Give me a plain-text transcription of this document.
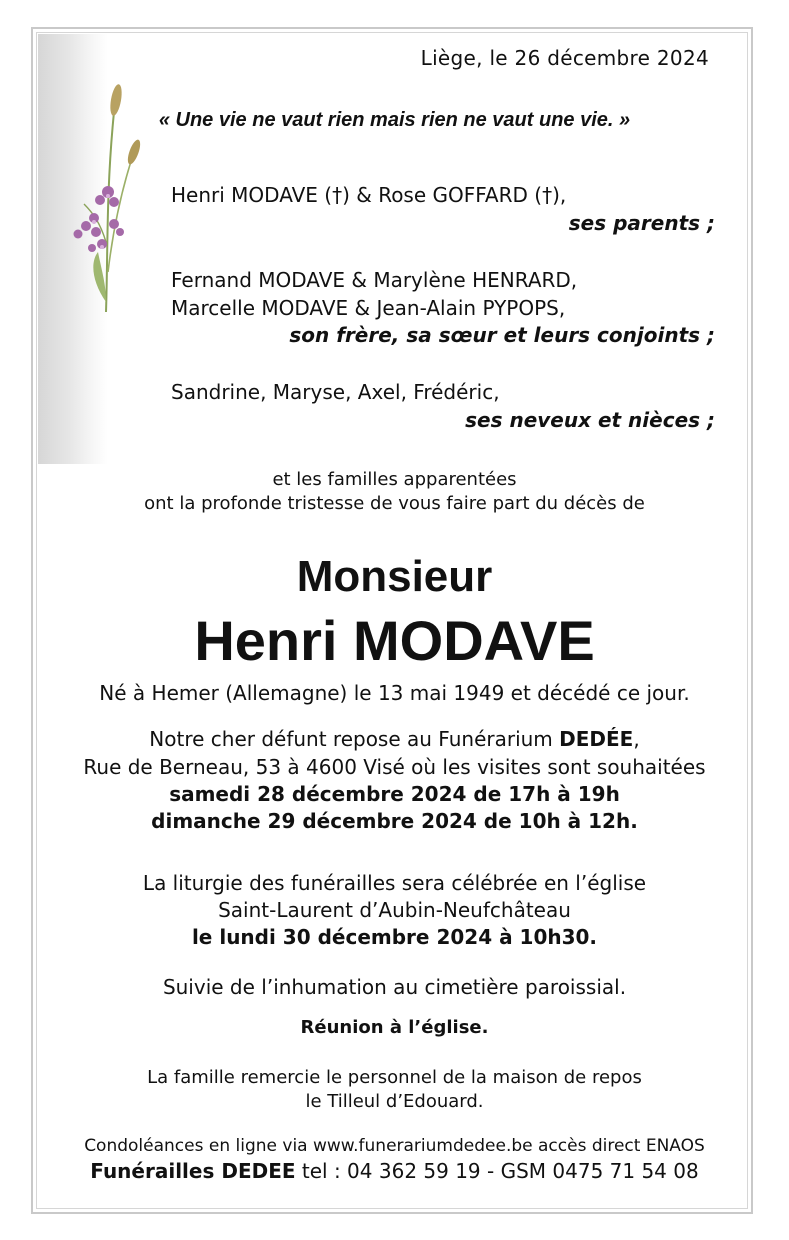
Liège, le 26 décembre 2024
« Une vie ne vaut rien mais rien ne vaut une vie. »
Henri MODAVE (†) & Rose GOFFARD (†),
ses parents ;
Fernand MODAVE & Marylène HENRARD,
Marcelle MODAVE & Jean-Alain PYPOPS,
son frère, sa sœur et leurs conjoints ;
Sandrine, Maryse, Axel, Frédéric,
ses neveux et nièces ;
et les familles apparentées
ont la profonde tristesse de vous faire part du décès de
Monsieur
Henri MODAVE
Né à Hemer (Allemagne) le 13 mai 1949 et décédé ce jour.
Notre cher défunt repose au Funérarium DEDÉE,
Rue de Berneau, 53 à 4600 Visé où les visites sont souhaitées
samedi 28 décembre 2024 de 17h à 19h
dimanche 29 décembre 2024 de 10h à 12h.
La liturgie des funérailles sera célébrée en l’église
Saint-Laurent d’Aubin-Neufchâteau
le lundi 30 décembre 2024 à 10h30.
Suivie de l’inhumation au cimetière paroissial.
Réunion à l’église.
La famille remercie le personnel de la maison de repos
le Tilleul d’Edouard.
Condoléances en ligne via www.funerariumdedee.be accès direct ENAOS
Funérailles DEDEE tel : 04 362 59 19 - GSM 0475 71 54 08
